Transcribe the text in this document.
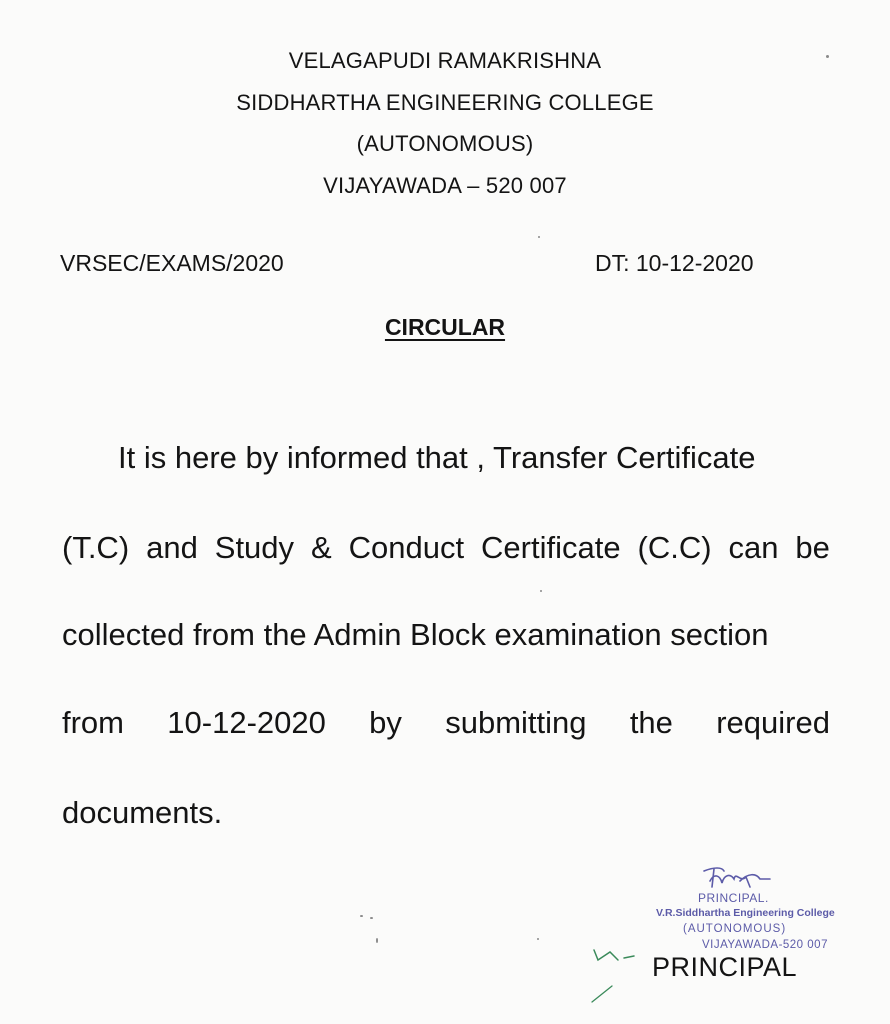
VELAGAPUDI RAMAKRISHNA
SIDDHARTHA ENGINEERING COLLEGE
(AUTONOMOUS)
VIJAYAWADA – 520 007
VRSEC/EXAMS/2020	DT: 10-12-2020
CIRCULAR
It is here by informed that , Transfer Certificate
(T.C) and Study & Conduct Certificate (C.C) can be
collected from the Admin Block examination section
from 10-12-2020 by submitting the required
documents.
PRINCIPAL.
V.R.Siddhartha Engineering College
(AUTONOMOUS)
VIJAYAWADA-520 007
PRINCIPAL
